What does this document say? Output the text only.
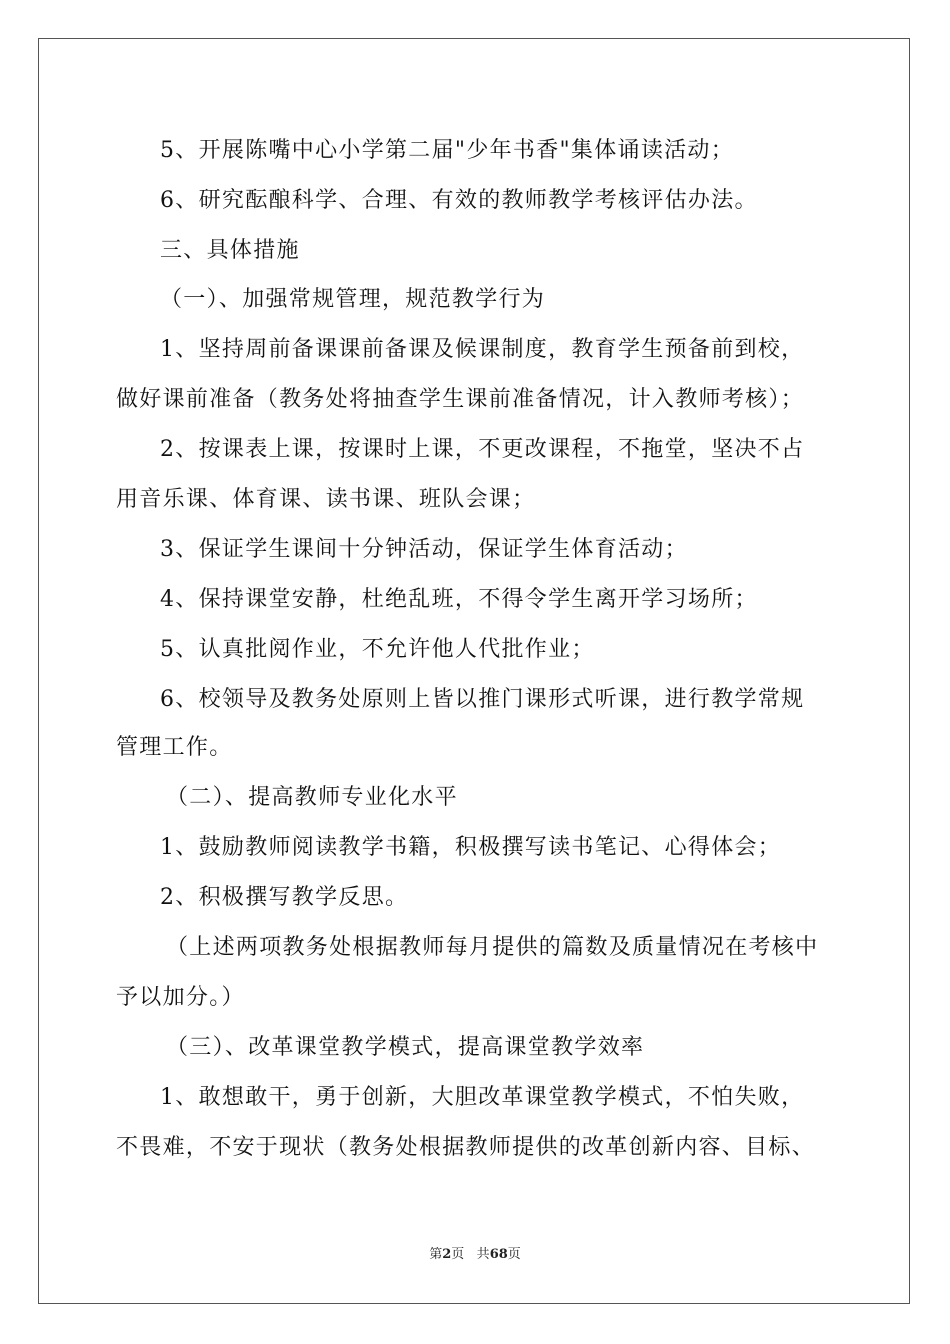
5、开展陈嘴中心小学第二届"少年书香"集体诵读活动；
6、研究酝酿科学、合理、有效的教师教学考核评估办法。
三、具体措施
（一）、加强常规管理，规范教学行为
1、坚持周前备课课前备课及候课制度，教育学生预备前到校，
做好课前准备（教务处将抽查学生课前准备情况，计入教师考核）；
2、按课表上课，按课时上课，不更改课程，不拖堂，坚决不占
用音乐课、体育课、读书课、班队会课；
3、保证学生课间十分钟活动，保证学生体育活动；
4、保持课堂安静，杜绝乱班，不得令学生离开学习场所；
5、认真批阅作业，不允许他人代批作业；
6、校领导及教务处原则上皆以推门课形式听课，进行教学常规
管理工作。
（二）、提高教师专业化水平
1、鼓励教师阅读教学书籍，积极撰写读书笔记、心得体会；
2、积极撰写教学反思。
（上述两项教务处根据教师每月提供的篇数及质量情况在考核中
予以加分。）
（三）、改革课堂教学模式，提高课堂教学效率
1、敢想敢干，勇于创新，大胆改革课堂教学模式，不怕失败，
不畏难，不安于现状（教务处根据教师提供的改革创新内容、目标、
第2页 共68页
